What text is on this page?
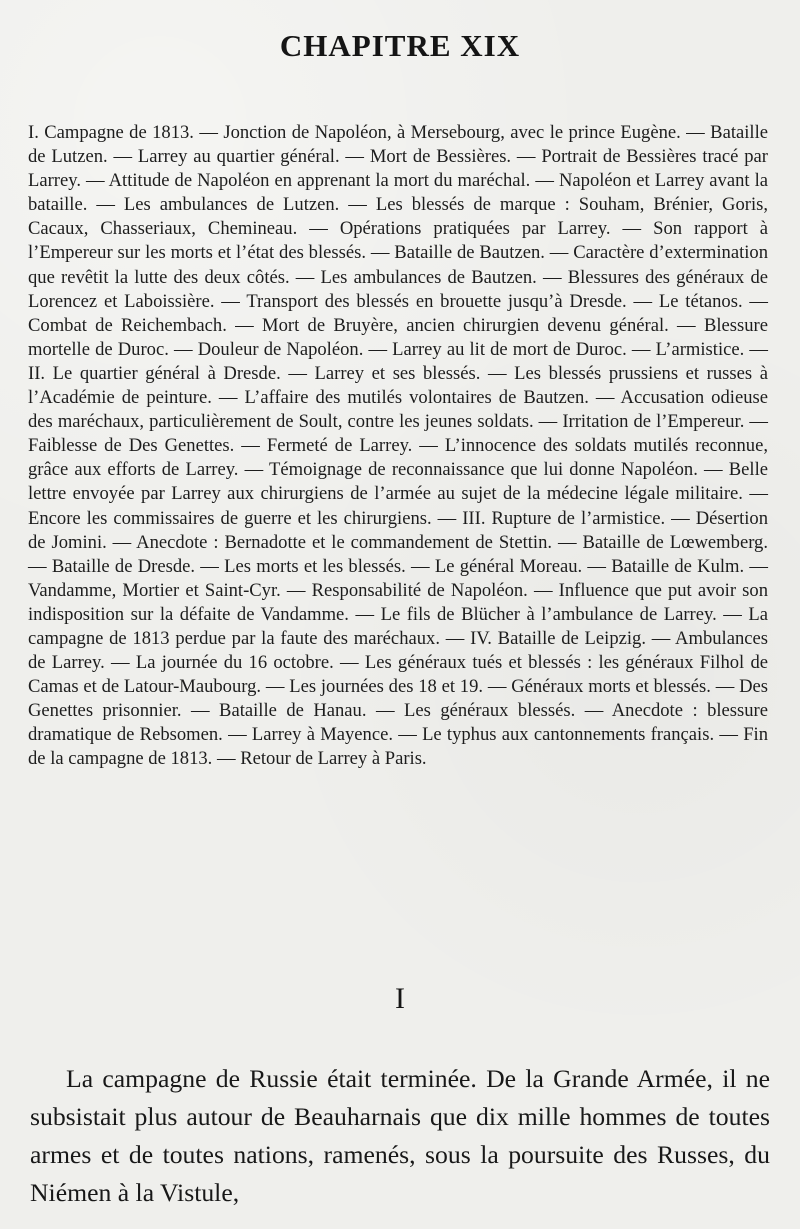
CHAPITRE XIX

I. Campagne de 1813. — Jonction de Napoléon, à Mersebourg, avec le prince Eugène. — Bataille de Lutzen. — Larrey au quartier général. — Mort de Bessières. — Portrait de Bessières tracé par Larrey. — Attitude de Napoléon en apprenant la mort du maréchal. — Napoléon et Larrey avant la bataille. — Les ambulances de Lutzen. — Les blessés de marque : Souham, Brénier, Goris, Cacaux, Chasseriaux, Chemineau. — Opérations pratiquées par Larrey. — Son rapport à l’Empereur sur les morts et l’état des blessés. — Bataille de Bautzen. — Caractère d’extermination que revêtit la lutte des deux côtés. — Les ambulances de Bautzen. — Blessures des généraux de Lorencez et Laboissière. — Transport des blessés en brouette jusqu’à Dresde. — Le tétanos. — Combat de Reichembach. — Mort de Bruyère, ancien chirurgien devenu général. — Blessure mortelle de Duroc. — Douleur de Napoléon. — Larrey au lit de mort de Duroc. — L’armistice. — II. Le quartier général à Dresde. — Larrey et ses blessés. — Les blessés prussiens et russes à l’Académie de peinture. — L’affaire des mutilés volontaires de Bautzen. — Accusation odieuse des maréchaux, particulièrement de Soult, contre les jeunes soldats. — Irritation de l’Empereur. — Faiblesse de Des Genettes. — Fermeté de Larrey. — L’innocence des soldats mutilés reconnue, grâce aux efforts de Larrey. — Témoignage de reconnaissance que lui donne Napoléon. — Belle lettre envoyée par Larrey aux chirurgiens de l’armée au sujet de la médecine légale militaire. — Encore les commissaires de guerre et les chirurgiens. — III. Rupture de l’armistice. — Désertion de Jomini. — Anecdote : Bernadotte et le commandement de Stettin. — Bataille de Lœwemberg. — Bataille de Dresde. — Les morts et les blessés. — Le général Moreau. — Bataille de Kulm. — Vandamme, Mortier et Saint-Cyr. — Responsabilité de Napoléon. — Influence que put avoir son indisposition sur la défaite de Vandamme. — Le fils de Blücher à l’ambulance de Larrey. — La campagne de 1813 perdue par la faute des maréchaux. — IV. Bataille de Leipzig. — Ambulances de Larrey. — La journée du 16 octobre. — Les généraux tués et blessés : les généraux Filhol de Camas et de Latour-Maubourg. — Les journées des 18 et 19. — Généraux morts et blessés. — Des Genettes prisonnier. — Bataille de Hanau. — Les généraux blessés. — Anecdote : blessure dramatique de Rebsomen. — Larrey à Mayence. — Le typhus aux cantonnements français. — Fin de la campagne de 1813. — Retour de Larrey à Paris.

I

La campagne de Russie était terminée. De la Grande Armée, il ne subsistait plus autour de Beauharnais que dix mille hommes de toutes armes et de toutes nations, ramenés, sous la poursuite des Russes, du Niémen à la Vistule,
